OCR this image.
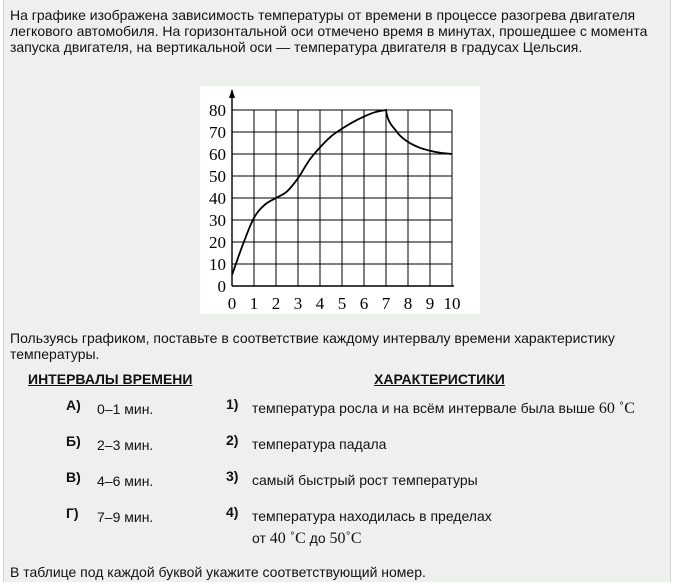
На графике изображена зависимость температуры от времени в процессе разогрева двигателя легкового автомобиля. На горизонтальной оси отмечено время в минутах, прошедшее с момента запуска двигателя, на вертикальной оси — температура двигателя в градусах Цельсия.

0 1 2 3 4 5 6 7 8 9 10
0
10
20
30
40
50
60
70
80

Пользуясь графиком, поставьте в соответствие каждому интервалу времени характеристику температуры.

ИНТЕРВАЛЫ ВРЕМЕНИ	ХАРАКТЕРИСТИКИ

А) 0–1 мин.
Б) 2–3 мин.
В) 4–6 мин.
Г) 7–9 мин.
1) температура росла и на всём интервале была выше 60 ˚C
2) температура падала
3) самый быстрый рост температуры
4) температура находилась в пределах
от 40 ˚C до 50˚C

В таблице под каждой буквой укажите соответствующий номер.
